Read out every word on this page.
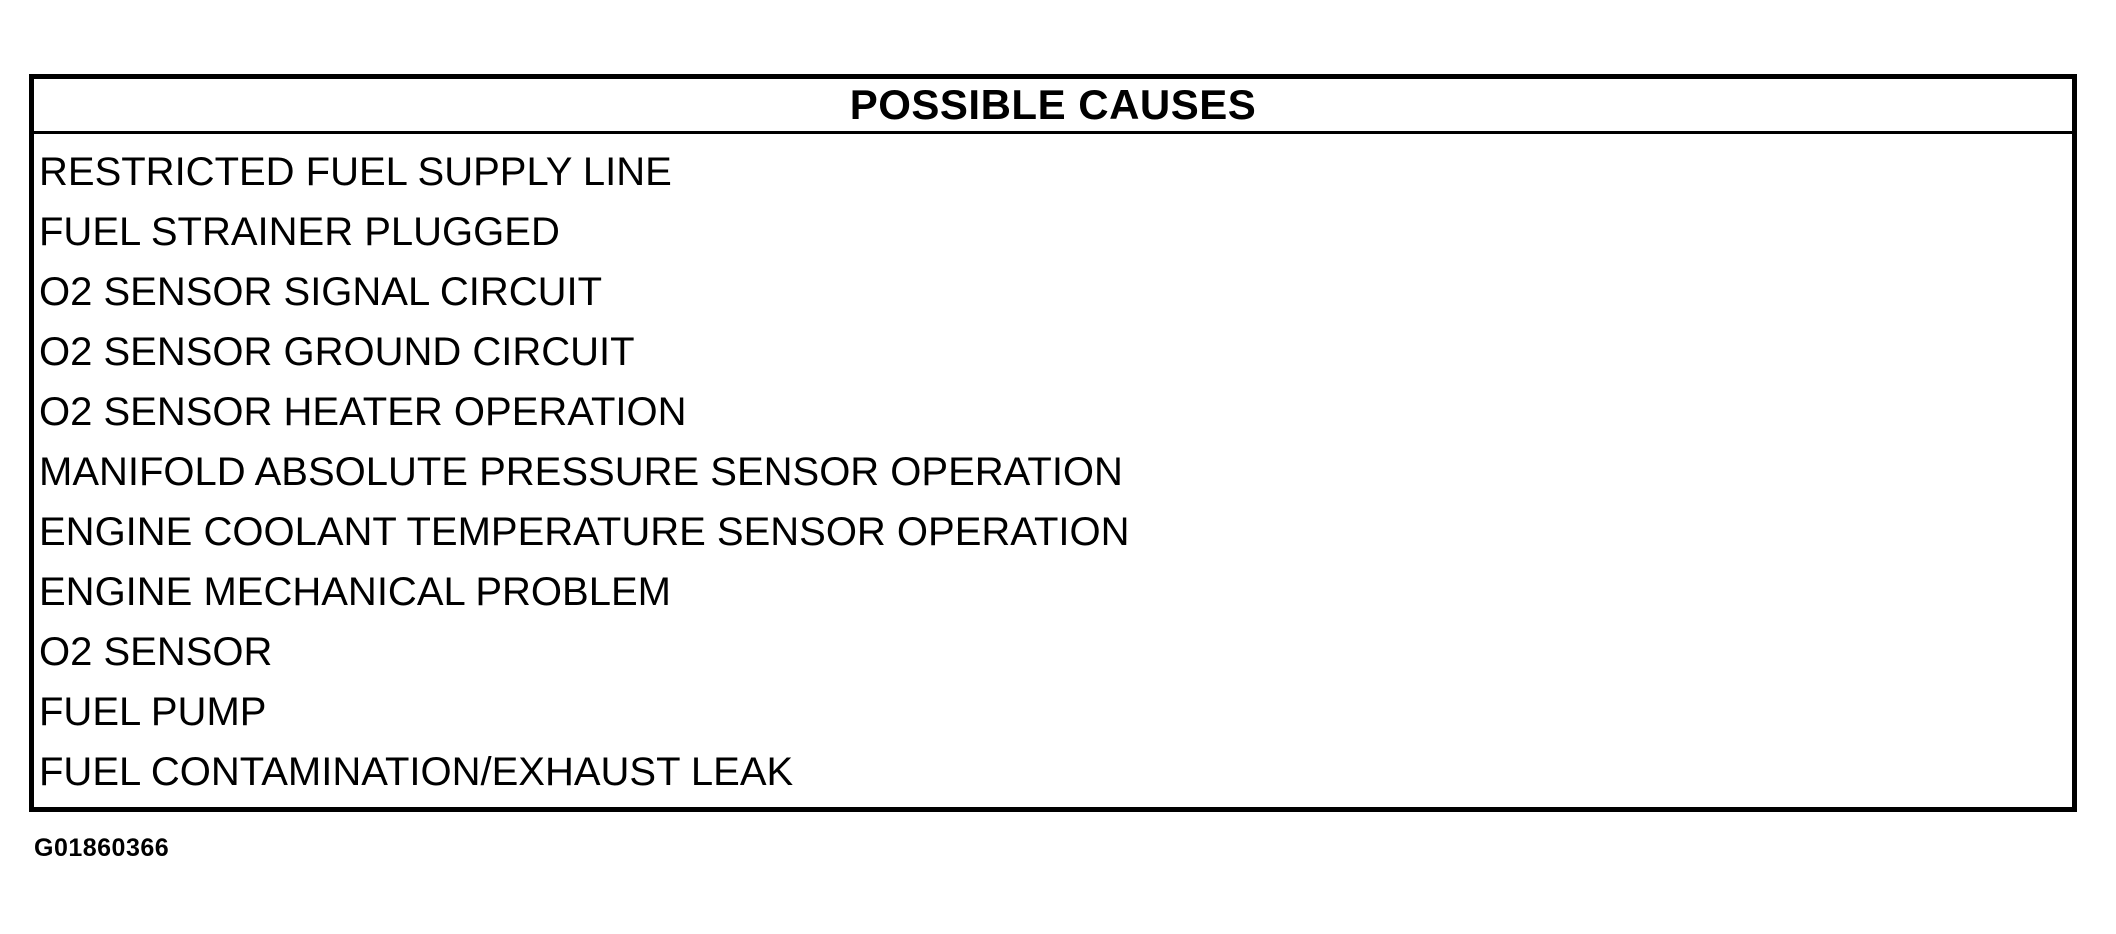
POSSIBLE CAUSES
RESTRICTED FUEL SUPPLY LINE
FUEL STRAINER PLUGGED
O2 SENSOR SIGNAL CIRCUIT
O2 SENSOR GROUND CIRCUIT
O2 SENSOR HEATER OPERATION
MANIFOLD ABSOLUTE PRESSURE SENSOR OPERATION
ENGINE COOLANT TEMPERATURE SENSOR OPERATION
ENGINE MECHANICAL PROBLEM
O2 SENSOR
FUEL PUMP
FUEL CONTAMINATION/EXHAUST LEAK
G01860366
